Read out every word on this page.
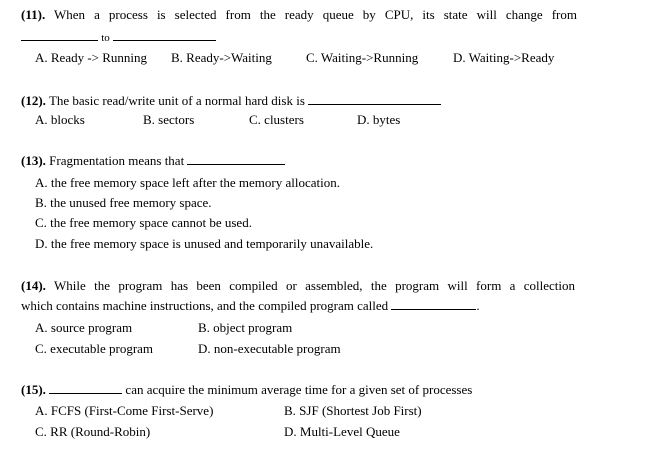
(11). When a process is selected from the ready queue by CPU, its state will change from
to
A. Ready -> Running B. Ready->Waiting	C. Waiting->Running	D. Waiting->Ready
(12). The basic read/write unit of a normal hard disk is
A. blocks	B. sectors	C. clusters	D. bytes
(13). Fragmentation means that
A. the free memory space left after the memory allocation.
B. the unused free memory space.
C. the free memory space cannot be used.
D. the free memory space is unused and temporarily unavailable.
(14). While the program has been compiled or assembled, the program will form a collection
which contains machine instructions, and the compiled program called	.
A. source program	B. object program
C. executable program	D. non-executable program
(15).	can acquire the minimum average time for a given set of processes
A. FCFS (First-Come First-Serve)	B. SJF (Shortest Job First)
C. RR (Round-Robin)	D. Multi-Level Queue
